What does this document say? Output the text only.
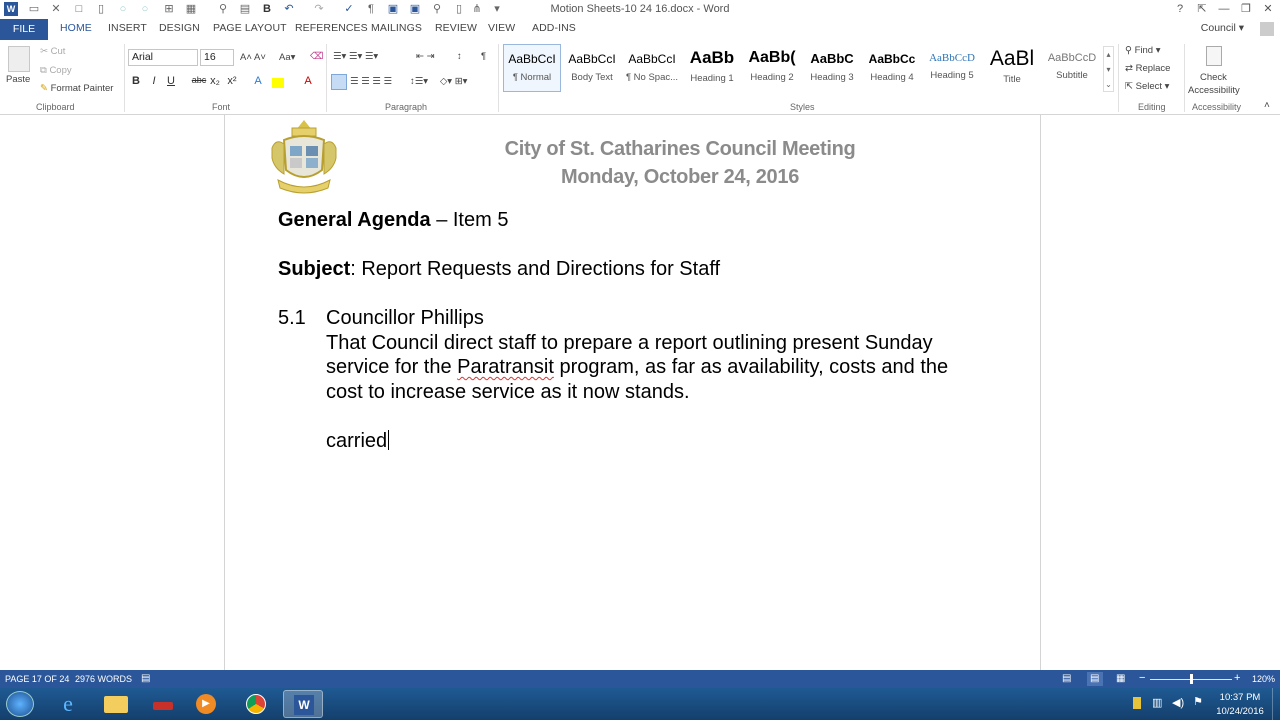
W ▭ ✕	□	▯	○	○	⊞ ▦ ⚲ ▤ B ↶ ↷ ✓	¶	▣ ▣ ⚲	▯ ⋔	▾	Motion Sheets-10 24 16.docx - Word	?	⇱	—	❐	✕
FILE	HOME INSERT DESIGN PAGE LAYOUT REFERENCES MAILINGS REVIEW VIEW ADD-INS	Council ▾
Paste
✂ Cut
⧉ Copy
✎ Format Painter
Clipboard
Arial	16	A˄ A˅ Aa▾ ⌫
B	I	U	abc x₂ x²	A	A
Font
☰▾ ☰▾ ☰▾	⇤ ⇥ ↕ ¶
☰ ☰ ☰ ☰ ↕☰▾ ◇▾ ⊞▾
Paragraph
AaBbCcI
¶ Normal
AaBbCcI
Body Text
AaBbCcI
¶ No Spac...
AaBb
Heading 1
AaBb(
Heading 2
AaBbC
Heading 3
AaBbCc
Heading 4
AaBbCcD
Heading 5
AaBl
Title
AaBbCcD
Subtitle
▴
▾
⌄
Styles
⚲ Find ▾
⇄ Replace
⇱ Select ▾
Editing
Check
Accessibility
Accessibility ˄
City of St. Catharines Council Meeting
Monday, October 24, 2016
General Agenda – Item 5
Subject: Report Requests and Directions for Staff
5.1 Councillor Phillips
That Council direct staff to prepare a report outlining present Sunday
service for the Paratransit program, as far as availability, costs and the
cost to increase service as it now stands.
carried
PAGE 17 OF 24 2976 WORDS ▤	▤ ▤ ▦ −	+ 120%
e	▶	W	▥ ◀) ⚑	10:37 PM
10/24/2016
